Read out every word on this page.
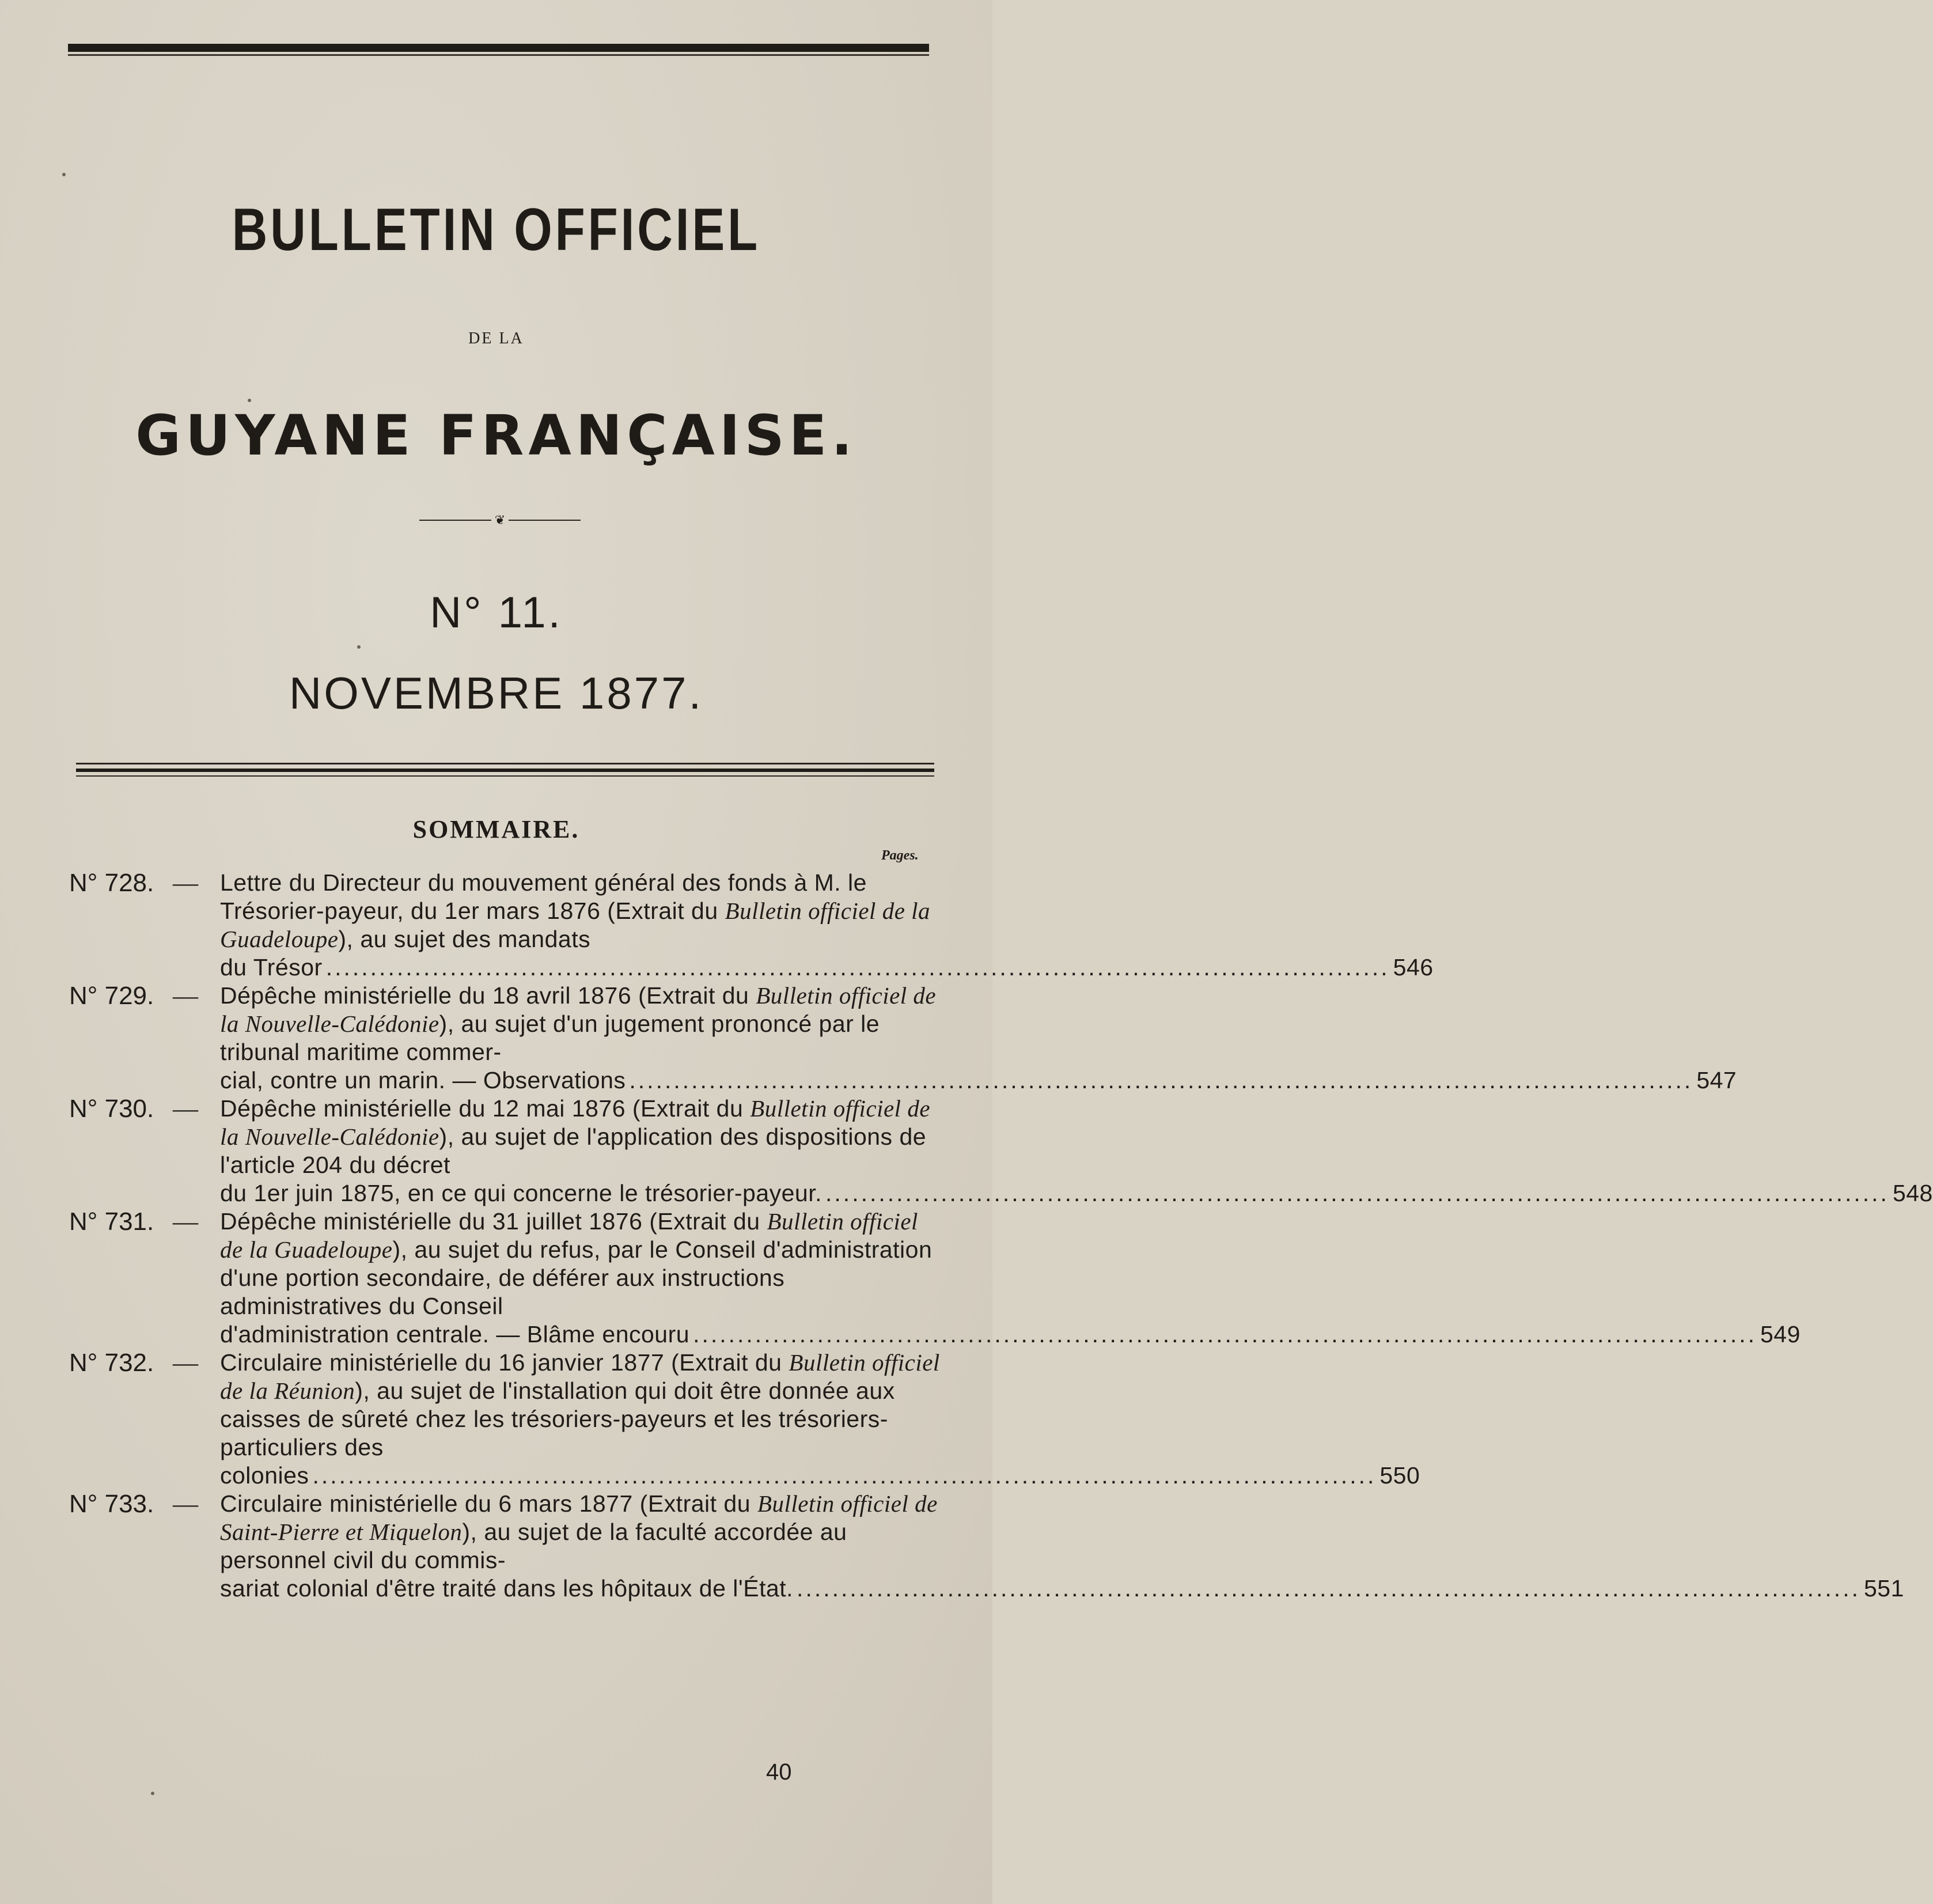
BULLETIN OFFICIEL
DE LA
GUYANE FRANÇAISE.
❦
N° 11.
NOVEMBRE 1877.
SOMMAIRE.
Pages.
N° 728. — Lettre du Directeur du mouvement général des fonds à M. le Trésorier-payeur, du 1er mars 1876 (Extrait du Bulletin officiel de la Guadeloupe), au sujet des mandats
du Trésor ........................................................................................................................ 546
N° 729. — Dépêche ministérielle du 18 avril 1876 (Extrait du Bulletin officiel de la Nouvelle-Calédonie), au sujet d'un jugement prononcé par le tribunal maritime commer-
cial, contre un marin. — Observations ........................................................................................................................ 547
N° 730. — Dépêche ministérielle du 12 mai 1876 (Extrait du Bulletin officiel de la Nouvelle-Calédonie), au sujet de l'application des dispositions de l'article 204 du décret
du 1er juin 1875, en ce qui concerne le trésorier-payeur. ........................................................................................................................ 548
N° 731. — Dépêche ministérielle du 31 juillet 1876 (Extrait du Bulletin officiel de la Guadeloupe), au sujet du refus, par le Conseil d'administration d'une portion secondaire, de déférer aux instructions administratives du Conseil
d'administration centrale. — Blâme encouru ........................................................................................................................ 549
N° 732. — Circulaire ministérielle du 16 janvier 1877 (Extrait du Bulletin officiel de la Réunion), au sujet de l'installation qui doit être donnée aux caisses de sûreté chez les trésoriers-payeurs et les trésoriers-particuliers des
colonies ........................................................................................................................ 550
N° 733. — Circulaire ministérielle du 6 mars 1877 (Extrait du Bulletin officiel de Saint-Pierre et Miquelon), au sujet de la faculté accordée au personnel civil du commis-
sariat colonial d'être traité dans les hôpitaux de l'État. ........................................................................................................................ 551
40
